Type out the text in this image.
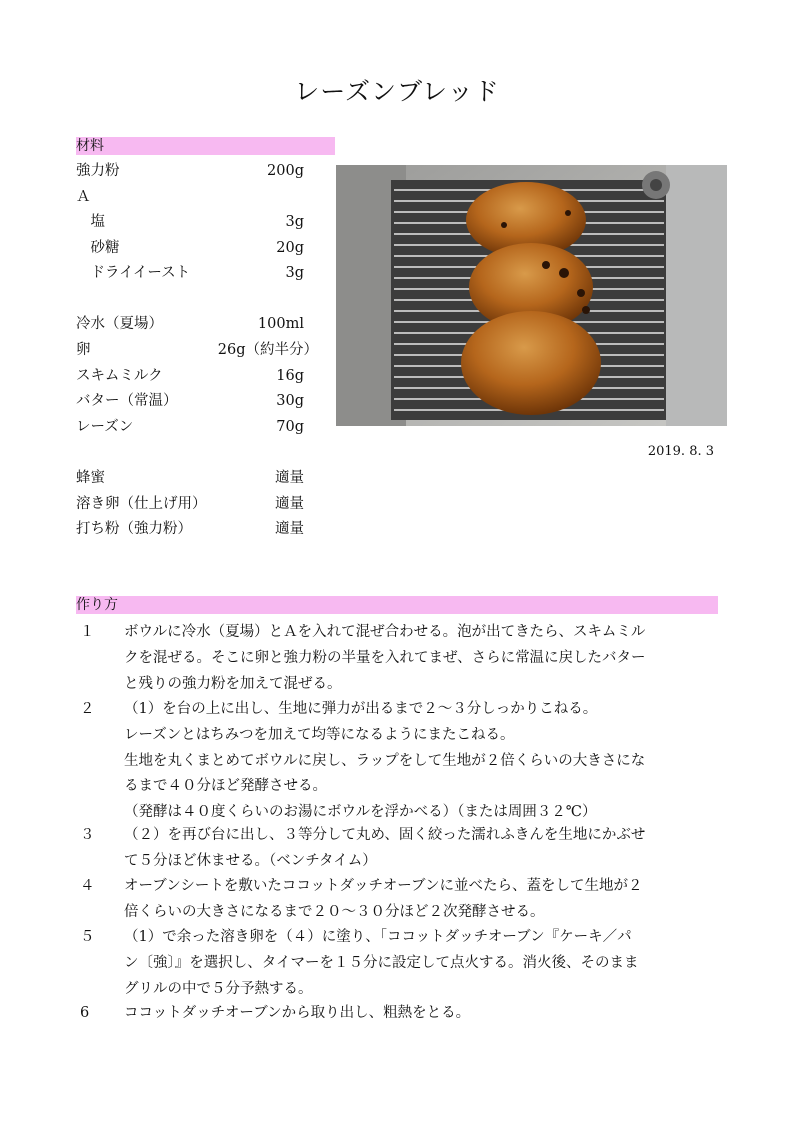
レーズンブレッド
材料
強力粉	200g
Ａ
　塩	3g
　砂糖	20g
　ドライイースト	3g
冷水（夏場）	100ml
卵	26g（約半分）
スキムミルク	16g
バター（常温）	30g
レーズン	70g
蜂蜜	適量
溶き卵（仕上げ用）	適量
打ち粉（強力粉）	適量
2019. 8. 3
作り方
１ ボウルに冷水（夏場）とＡを入れて混ぜ合わせる。泡が出てきたら、スキムミル
クを混ぜる。そこに卵と強力粉の半量を入れてまぜ、さらに常温に戻したバター
と残りの強力粉を加えて混ぜる。
２ （1）を台の上に出し、生地に弾力が出るまで２～３分しっかりこねる。
レーズンとはちみつを加えて均等になるようにまたこねる。
生地を丸くまとめてボウルに戻し、ラップをして生地が２倍くらいの大きさにな
るまで４０分ほど発酵させる。
（発酵は４０度くらいのお湯にボウルを浮かべる）（または周囲３２℃）
３ （２）を再び台に出し、３等分して丸め、固く絞った濡れふきんを生地にかぶせ
て５分ほど休ませる。（ベンチタイム）
４ オーブンシートを敷いたココットダッチオーブンに並べたら、蓋をして生地が２
倍くらいの大きさになるまで２０～３０分ほど２次発酵させる。
５ （1）で余った溶き卵を（４）に塗り、「ココットダッチオーブン『ケーキ／パ
ン〔強〕』を選択し、タイマーを１５分に設定して点火する。消火後、そのまま
グリルの中で５分予熱する。
6 ココットダッチオーブンから取り出し、粗熱をとる。
